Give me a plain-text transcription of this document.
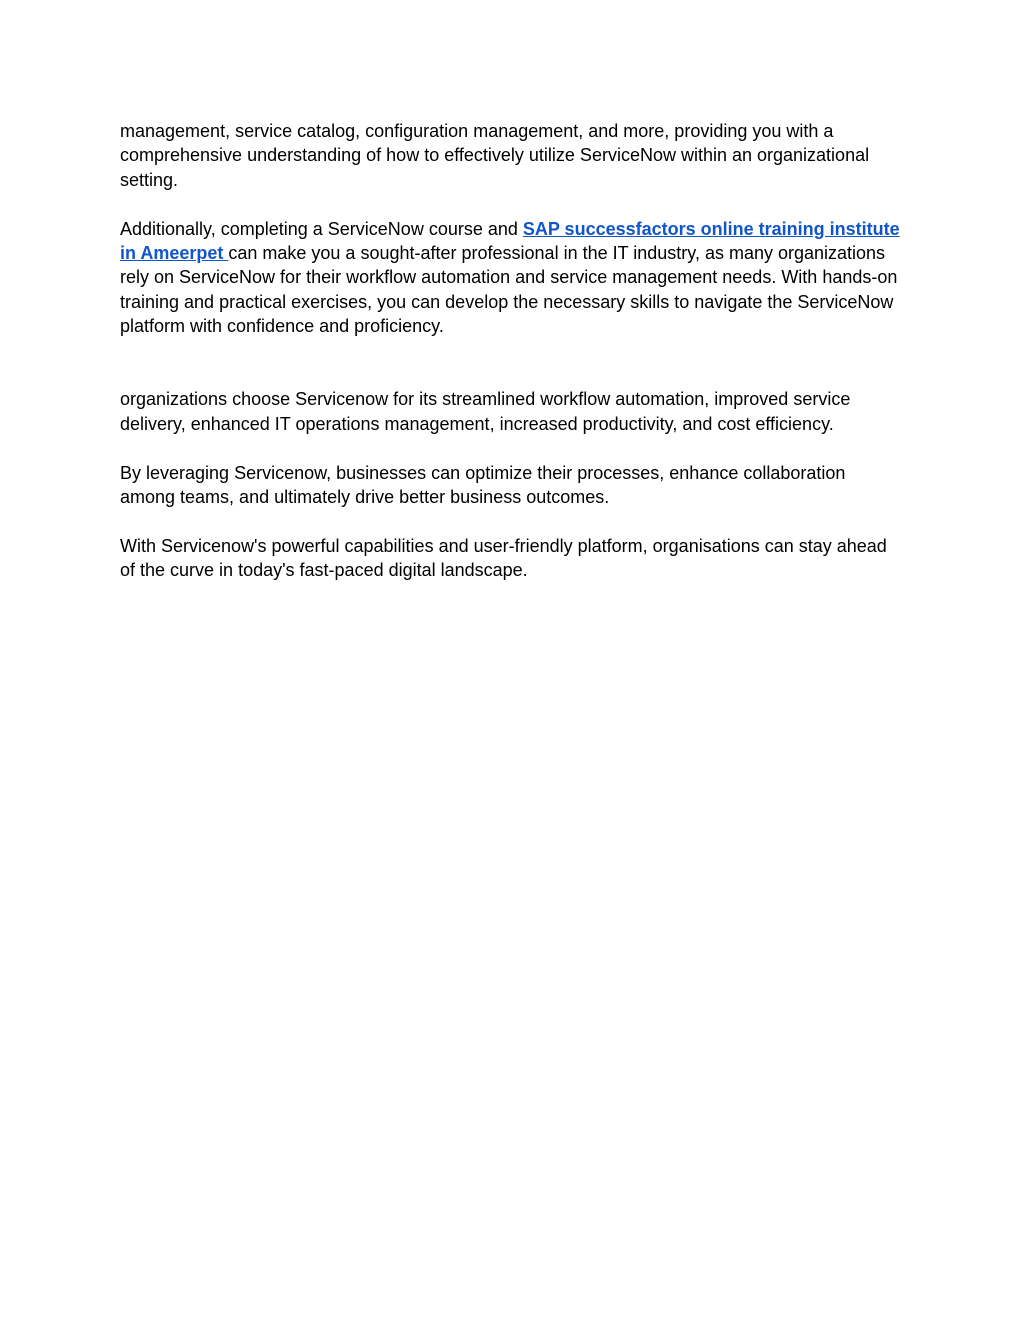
management, service catalog, configuration management, and more, providing you with a comprehensive understanding of how to effectively utilize ServiceNow within an organizational setting.

Additionally, completing a ServiceNow course and SAP successfactors online training institute in Ameerpet can make you a sought-after professional in the IT industry, as many organizations rely on ServiceNow for their workflow automation and service management needs. With hands-on training and practical exercises, you can develop the necessary skills to navigate the ServiceNow platform with confidence and proficiency.

organizations choose Servicenow for its streamlined workflow automation, improved service delivery, enhanced IT operations management, increased productivity, and cost efficiency.

By leveraging Servicenow, businesses can optimize their processes, enhance collaboration among teams, and ultimately drive better business outcomes.

With Servicenow's powerful capabilities and user-friendly platform, organisations can stay ahead of the curve in today's fast-paced digital landscape.
